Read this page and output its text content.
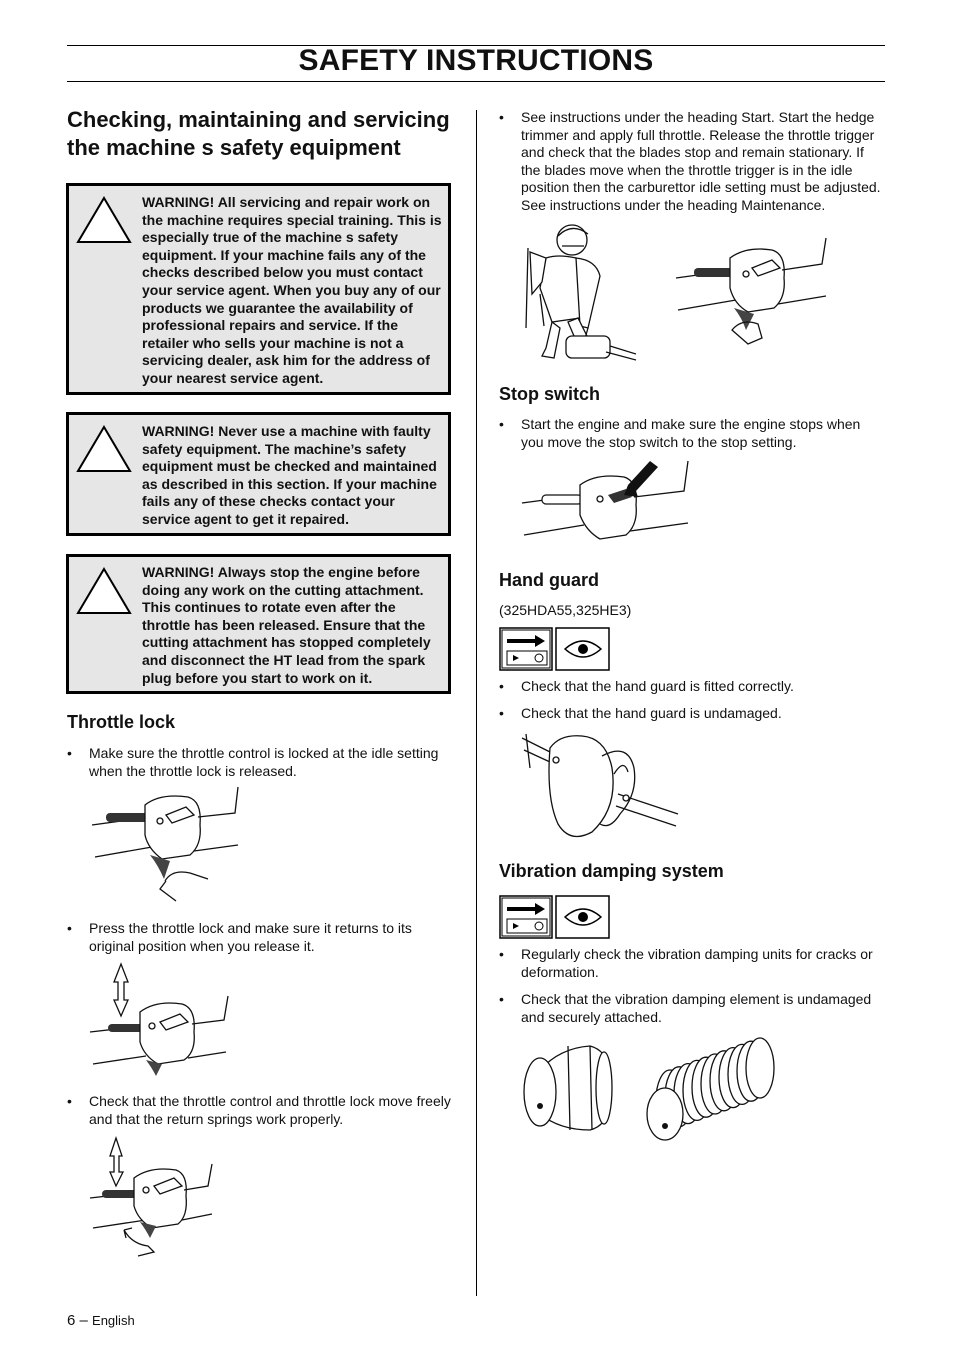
SAFETY INSTRUCTIONS
Checking, maintaining and servicing
the machine s safety equipment
WARNING! All servicing and repair work on
the machine requires special training. This is
especially true of the machine s safety
equipment. If your machine fails any of the
checks described below you must contact
your service agent. When you buy any of our
products we guarantee the availability of
professional repairs and service. If the
retailer who sells your machine is not a
servicing dealer, ask him for the address of
your nearest service agent.
WARNING! Never use a machine with faulty
safety equipment. The machine’s safety
equipment must be checked and maintained
as described in this section. If your machine
fails any of these checks contact your
service agent to get it repaired.
WARNING! Always stop the engine before
doing any work on the cutting attachment.
This continues to rotate even after the
throttle has been released. Ensure that the
cutting attachment has stopped completely
and disconnect the HT lead from the spark
plug before you start to work on it.
Throttle lock
• Make sure the throttle control is locked at the idle setting
when the throttle lock is released.
• Press the throttle lock and make sure it returns to its
original position when you release it.
• Check that the throttle control and throttle lock move freely
and that the return springs work properly.
• See instructions under the heading Start. Start the hedge
trimmer and apply full throttle. Release the throttle trigger
and check that the blades stop and remain stationary. If
the blades move when the throttle trigger is in the idle
position then the carburettor idle setting must be adjusted.
See instructions under the heading Maintenance.
Stop switch
• Start the engine and make sure the engine stops when
you move the stop switch to the stop setting.
Hand guard
(325HDA55,325HE3)
• Check that the hand guard is fitted correctly.
• Check that the hand guard is undamaged.
Vibration damping system
• Regularly check the vibration damping units for cracks or
deformation.
• Check that the vibration damping element is undamaged
and securely attached.
6 – English
